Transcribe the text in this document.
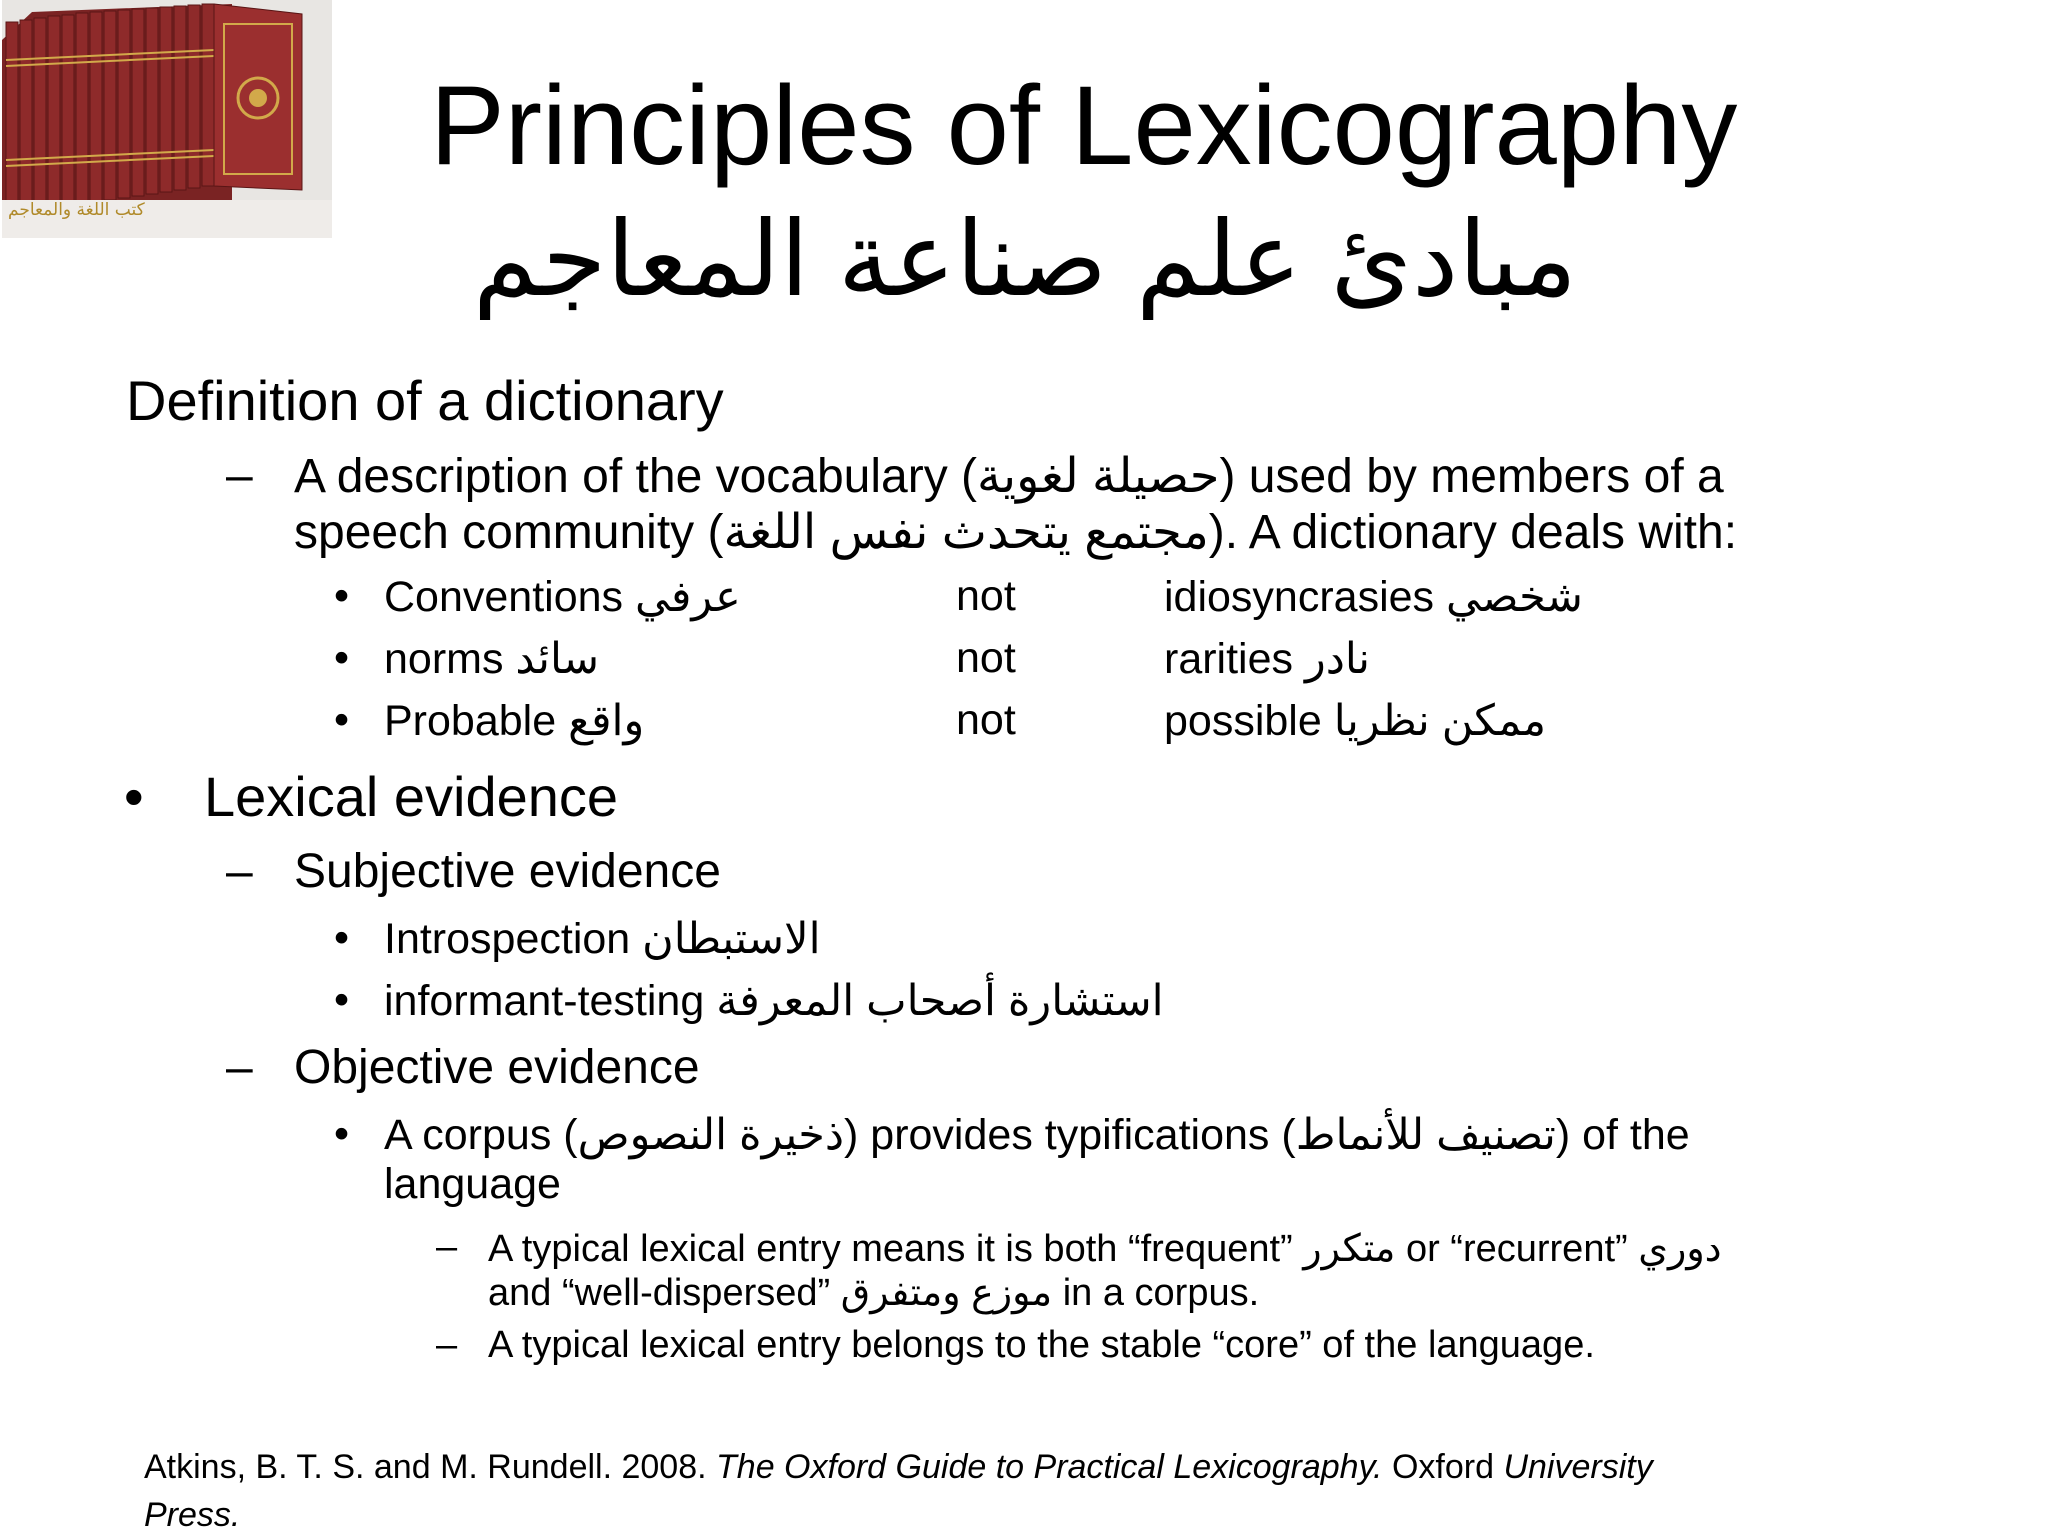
كتب اللغة والمعاجم
Principles of Lexicography
مبادئ علم صناعة المعاجم
Definition of a dictionary
– A description of the vocabulary (حصيلة لغوية) used by members of a
speech community (مجتمع يتحدث نفس اللغة). A dictionary deals with:
• Conventions عرفي	not	idiosyncrasies شخصي
• norms سائد	not	rarities نادر
• Probable واقع	not	possible ممكن نظريا
• Lexical evidence
– Subjective evidence
• Introspection الاستبطان
• informant-testing استشارة أصحاب المعرفة
– Objective evidence
• A corpus (ذخيرة النصوص) provides typifications (تصنيف للأنماط) of the
language
– A typical lexical entry means it is both “frequent” متكرر or “recurrent” دوري
and “well-dispersed” موزع ومتفرق in a corpus.
– A typical lexical entry belongs to the stable “core” of the language.
Atkins, B. T. S. and M. Rundell. 2008. The Oxford Guide to Practical Lexicography. Oxford University
Press.
